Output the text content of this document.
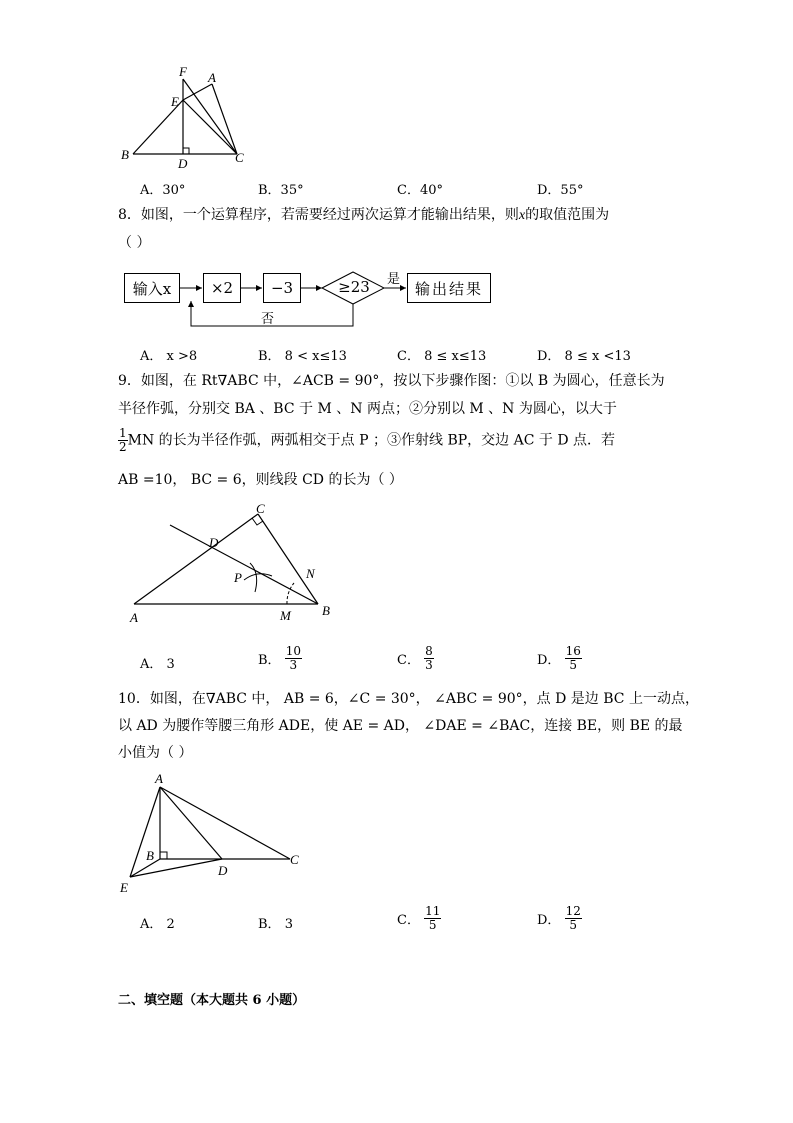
F A
E
B
D	C
A．30°	B．35°	C．40°	D．55°
8．如图，一个运算程序，若需要经过两次运算才能输出结果，则x的取值范围为
（ ）
输入x	×2	−3	≥23	是
否
输出结果
A． x >8	B． 8 < x≤13	C． 8 ≤ x≤13	D． 8 ≤ x <13
9．如图，在 Rt∇ABC 中，∠ACB = 90°，按以下步骤作图：①以 B 为圆心，任意长为
半径作弧，分别交 BA 、BC 于 M 、N 两点；②分别以 M 、N 为圆心，以大于
$\frac{1}{2}$ MN 的长为半径作弧，两弧相交于点 P ；③作射线 BP，交边 AC 于 D 点．若
AB =10， BC = 6，则线段 CD 的长为（ ）
C
D
P	N
A	M B
A． 3	B． $\frac{10}{3}$	C． $\frac{8}{3}$	D． $\frac{16}{5}$
10．如图，在∇ABC 中， AB = 6，∠C = 30°， ∠ABC = 90°，点 D 是边 BC 上一动点，
以 AD 为腰作等腰三角形 ADE，使 AE = AD， ∠DAE = ∠BAC，连接 BE，则 BE 的最
小值为（ ）
A
B
D
C
E
A． 2	B． 3	C． $\frac{11}{5}$	D． $\frac{12}{5}$
二、填空题（本大题共 6 小题）
